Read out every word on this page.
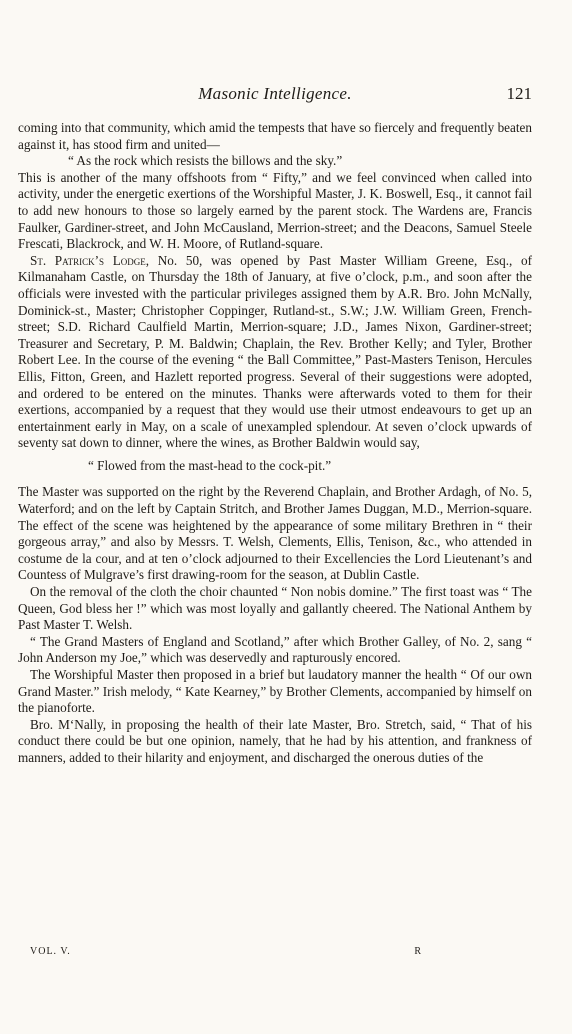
Masonic Intelligence.	121

coming into that community, which amid the tempests that have so fiercely and frequently beaten against it, has stood firm and united—

“ As the rock which resists the billows and the sky.”

This is another of the many offshoots from “ Fifty,” and we feel convinced when called into activity, under the energetic exertions of the Worshipful Master, J. K. Boswell, Esq., it cannot fail to add new honours to those so largely earned by the parent stock. The Wardens are, Francis Faulker, Gardiner-street, and John McCausland, Merrion-street; and the Deacons, Samuel Steele Frescati, Blackrock, and W. H. Moore, of Rutland-square.

St. Patrick’s Lodge, No. 50, was opened by Past Master William Greene, Esq., of Kilmanaham Castle, on Thursday the 18th of January, at five o’clock, p.m., and soon after the officials were invested with the particular privileges assigned them by A.R. Bro. John McNally, Dominick-st., Master; Christopher Coppinger, Rutland-st., S.W.; J.W. William Green, French-street; S.D. Richard Caulfield Martin, Merrion-square; J.D., James Nixon, Gardiner-street; Treasurer and Secretary, P. M. Baldwin; Chaplain, the Rev. Brother Kelly; and Tyler, Brother Robert Lee. In the course of the evening “ the Ball Committee,” Past-Masters Tenison, Hercules Ellis, Fitton, Green, and Hazlett reported progress. Several of their suggestions were adopted, and ordered to be entered on the minutes. Thanks were afterwards voted to them for their exertions, accompanied by a request that they would use their utmost endeavours to get up an entertainment early in May, on a scale of unexampled splendour. At seven o’clock upwards of seventy sat down to dinner, where the wines, as Brother Baldwin would say,

“ Flowed from the mast-head to the cock-pit.”

The Master was supported on the right by the Reverend Chaplain, and Brother Ardagh, of No. 5, Waterford; and on the left by Captain Stritch, and Brother James Duggan, M.D., Merrion-square. The effect of the scene was heightened by the appearance of some military Brethren in “ their gorgeous array,” and also by Messrs. T. Welsh, Clements, Ellis, Tenison, &c., who attended in costume de la cour, and at ten o’clock adjourned to their Excellencies the Lord Lieutenant’s and Countess of Mulgrave’s first drawing-room for the season, at Dublin Castle.

On the removal of the cloth the choir chaunted “ Non nobis domine.” The first toast was “ The Queen, God bless her !” which was most loyally and gallantly cheered. The National Anthem by Past Master T. Welsh.

“ The Grand Masters of England and Scotland,” after which Brother Galley, of No. 2, sang “ John Anderson my Joe,” which was deservedly and rapturously encored.

The Worshipful Master then proposed in a brief but laudatory manner the health “ Of our own Grand Master.” Irish melody, “ Kate Kearney,” by Brother Clements, accompanied by himself on the pianoforte.

Bro. M‘Nally, in proposing the health of their late Master, Bro. Stretch, said, “ That of his conduct there could be but one opinion, namely, that he had by his attention, and frankness of manners, added to their hilarity and enjoyment, and discharged the onerous duties of the

VOL. V.	R
